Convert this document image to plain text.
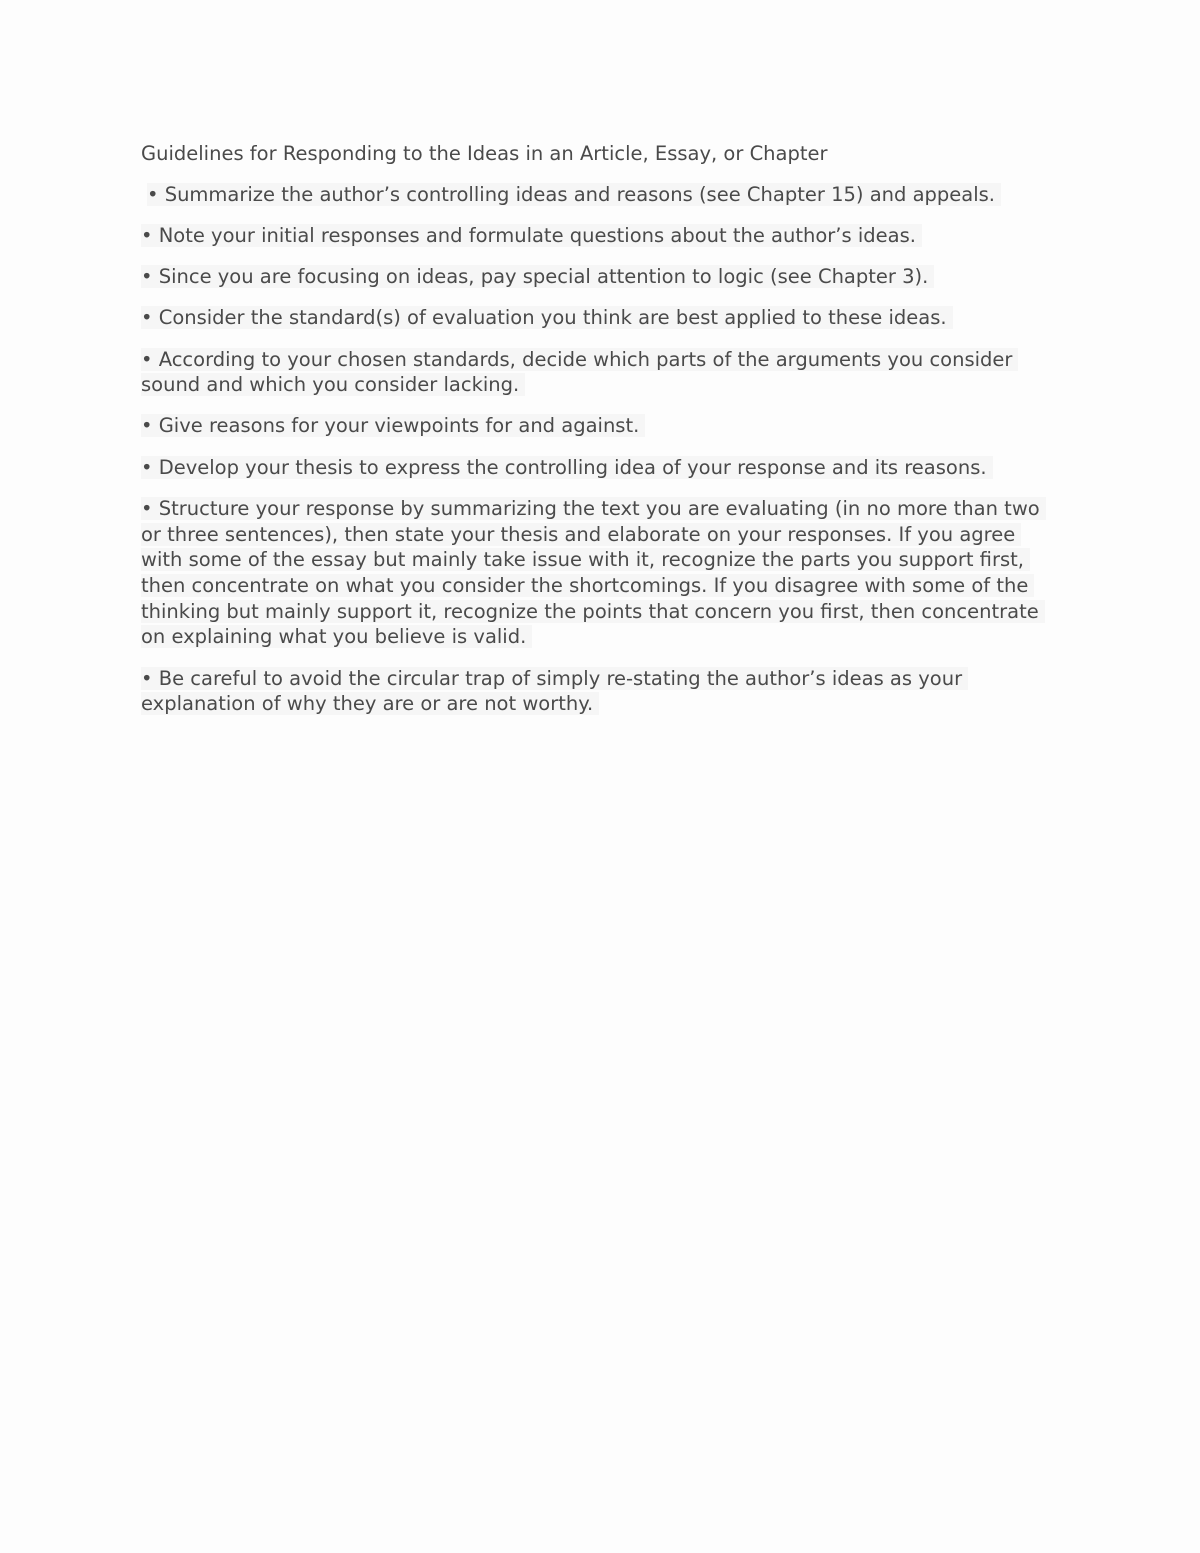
Guidelines for Responding to the Ideas in an Article, Essay, or Chapter
• Summarize the author’s controlling ideas and reasons (see Chapter 15) and appeals.
• Note your initial responses and formulate questions about the author’s ideas.
• Since you are focusing on ideas, pay special attention to logic (see Chapter 3).
• Consider the standard(s) of evaluation you think are best applied to these ideas.
• According to your chosen standards, decide which parts of the arguments you consider sound and which you consider lacking.
• Give reasons for your viewpoints for and against.
• Develop your thesis to express the controlling idea of your response and its reasons.
• Structure your response by summarizing the text you are evaluating (in no more than two or three sentences), then state your thesis and elaborate on your responses. If you agree with some of the essay but mainly take issue with it, recognize the parts you support first, then concentrate on what you consider the shortcomings. If you disagree with some of the thinking but mainly support it, recognize the points that concern you first, then concentrate on explaining what you believe is valid.
• Be careful to avoid the circular trap of simply re-stating the author’s ideas as your explanation of why they are or are not worthy.
